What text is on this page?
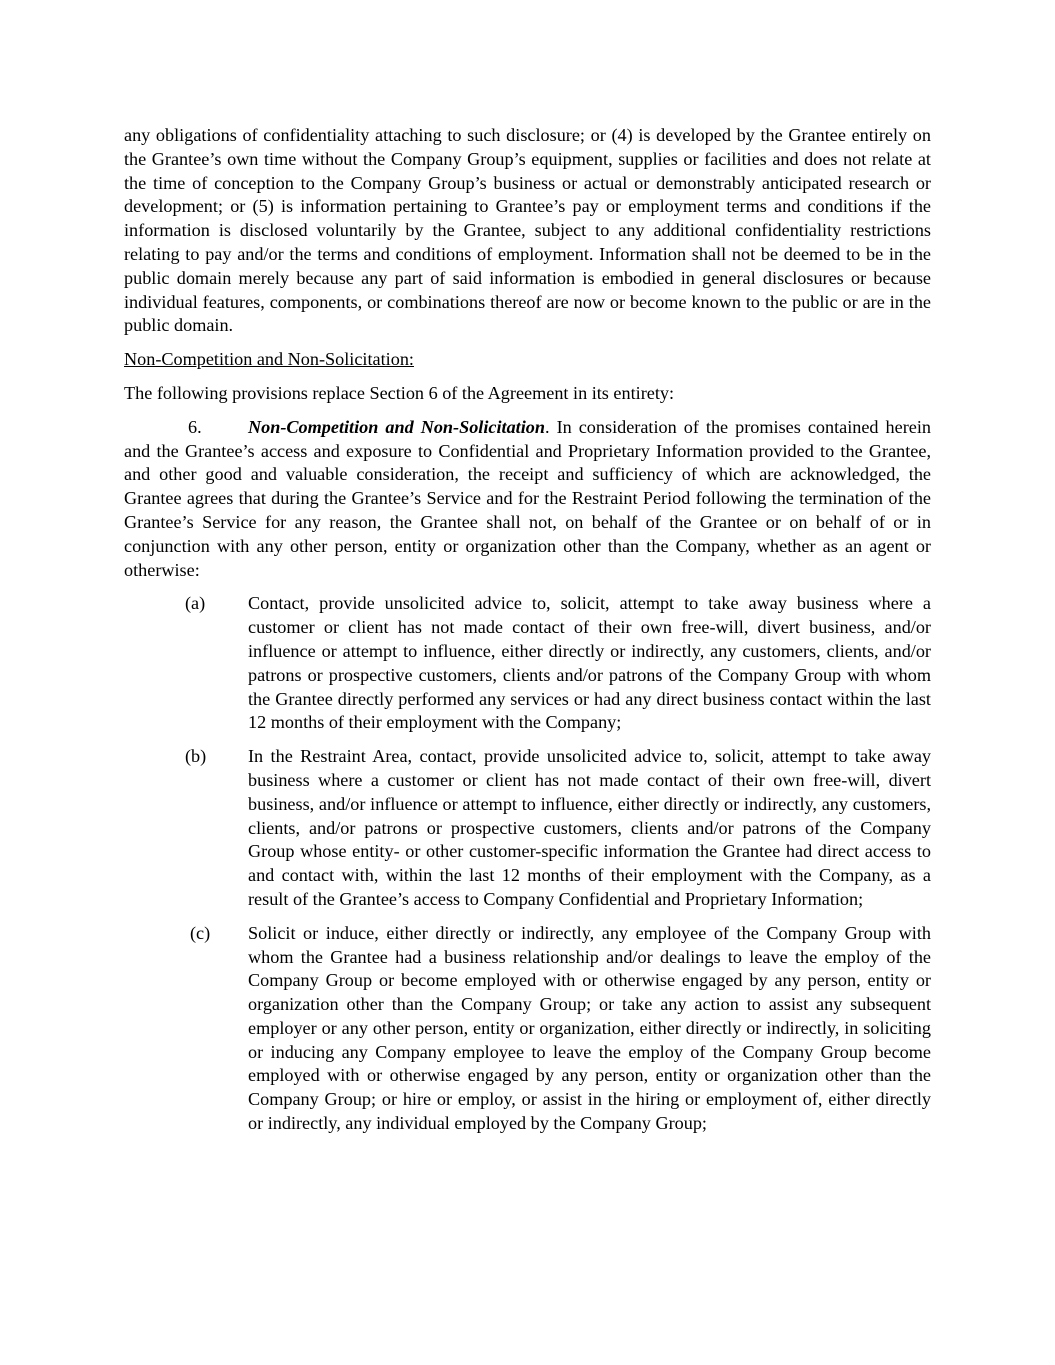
any obligations of confidentiality attaching to such disclosure; or (4) is developed by the Grantee entirely on the Grantee’s own time without the Company Group’s equipment, supplies or facilities and does not relate at the time of conception to the Company Group’s business or actual or demonstrably anticipated research or development; or (5) is information pertaining to Grantee’s pay or employment terms and conditions if the information is disclosed voluntarily by the Grantee, subject to any additional confidentiality restrictions relating to pay and/or the terms and conditions of employment. Information shall not be deemed to be in the public domain merely because any part of said information is embodied in general disclosures or because individual features, components, or combinations thereof are now or become known to the public or are in the public domain.

Non-Competition and Non-Solicitation:

The following provisions replace Section 6 of the Agreement in its entirety:

6.	Non-Competition and Non-Solicitation. In consideration of the promises contained herein and the Grantee’s access and exposure to Confidential and Proprietary Information provided to the Grantee, and other good and valuable consideration, the receipt and sufficiency of which are acknowledged, the Grantee agrees that during the Grantee’s Service and for the Restraint Period following the termination of the Grantee’s Service for any reason, the Grantee shall not, on behalf of the Grantee or on behalf of or in conjunction with any other person, entity or organization other than the Company, whether as an agent or otherwise:

(a)	Contact, provide unsolicited advice to, solicit, attempt to take away business where a customer or client has not made contact of their own free-will, divert business, and/or influence or attempt to influence, either directly or indirectly, any customers, clients, and/or patrons or prospective customers, clients and/or patrons of the Company Group with whom the Grantee directly performed any services or had any direct business contact within the last 12 months of their employment with the Company;
(b)	In the Restraint Area, contact, provide unsolicited advice to, solicit, attempt to take away business where a customer or client has not made contact of their own free-will, divert business, and/or influence or attempt to influence, either directly or indirectly, any customers, clients, and/or patrons or prospective customers, clients and/or patrons of the Company Group whose entity- or other customer-specific information the Grantee had direct access to and contact with, within the last 12 months of their employment with the Company, as a result of the Grantee’s access to Company Confidential and Proprietary Information;
(c)	Solicit or induce, either directly or indirectly, any employee of the Company Group with whom the Grantee had a business relationship and/or dealings to leave the employ of the Company Group or become employed with or otherwise engaged by any person, entity or organization other than the Company Group; or take any action to assist any subsequent employer or any other person, entity or organization, either directly or indirectly, in soliciting or inducing any Company employee to leave the employ of the Company Group become employed with or otherwise engaged by any person, entity or organization other than the Company Group; or hire or employ, or assist in the hiring or employment of, either directly or indirectly, any individual employed by the Company Group;
